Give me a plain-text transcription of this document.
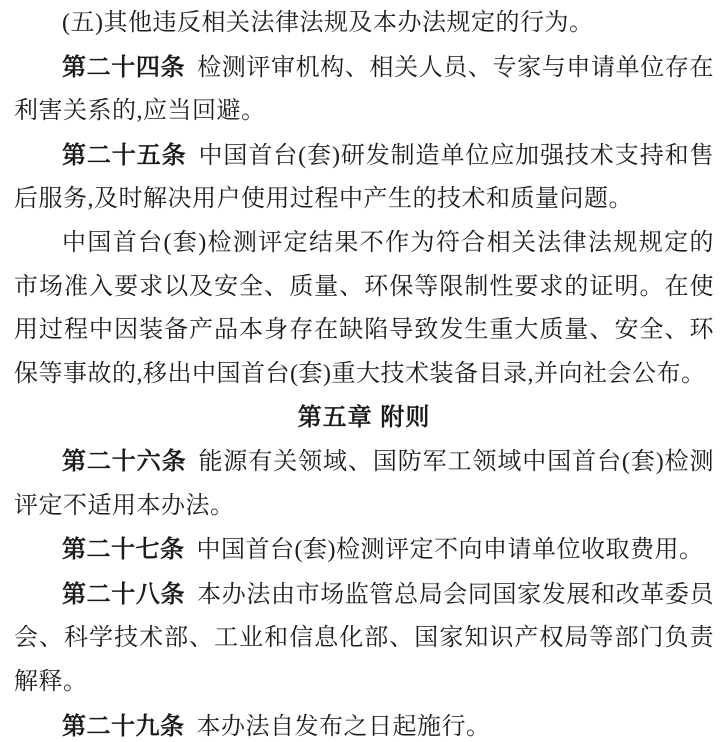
(五)其他违反相关法律法规及本办法规定的行为。

第二十四条 检测评审机构、相关人员、专家与申请单位存在利害关系的,应当回避。

第二十五条 中国首台(套)研发制造单位应加强技术支持和售后服务,及时解决用户使用过程中产生的技术和质量问题。

中国首台(套)检测评定结果不作为符合相关法律法规规定的市场准入要求以及安全、质量、环保等限制性要求的证明。在使用过程中因装备产品本身存在缺陷导致发生重大质量、安全、环保等事故的,移出中国首台(套)重大技术装备目录,并向社会公布。

第五章 附则

第二十六条 能源有关领域、国防军工领域中国首台(套)检测评定不适用本办法。

第二十七条 中国首台(套)检测评定不向申请单位收取费用。

第二十八条 本办法由市场监管总局会同国家发展和改革委员会、科学技术部、工业和信息化部、国家知识产权局等部门负责解释。

第二十九条 本办法自发布之日起施行。
